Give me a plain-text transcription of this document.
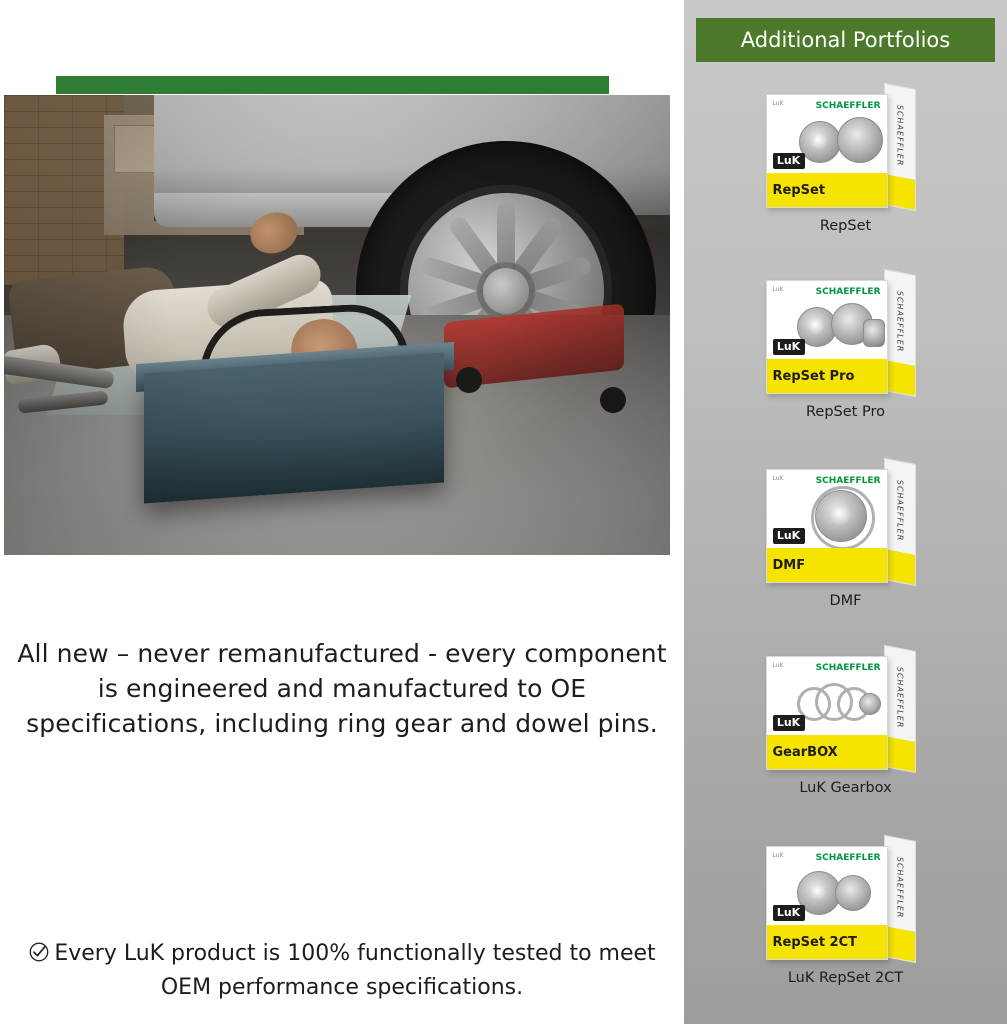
All new – never remanufactured - every component is engineered and manufactured to OE specifications, including ring gear and dowel pins.
Every LuK product is 100% functionally tested to meet OEM performance specifications.
Additional Portfolios
SCHAEFFLER
LuK	SCHAEFFLER
LuK
RepSet
RepSet
SCHAEFFLER
LuK	SCHAEFFLER
LuK
RepSet Pro
RepSet Pro
SCHAEFFLER
LuK	SCHAEFFLER
LuK
DMF
DMF
SCHAEFFLER
LuK	SCHAEFFLER
LuK
GearBOX
LuK Gearbox
SCHAEFFLER
LuK	SCHAEFFLER
LuK
RepSet 2CT
LuK RepSet 2CT
